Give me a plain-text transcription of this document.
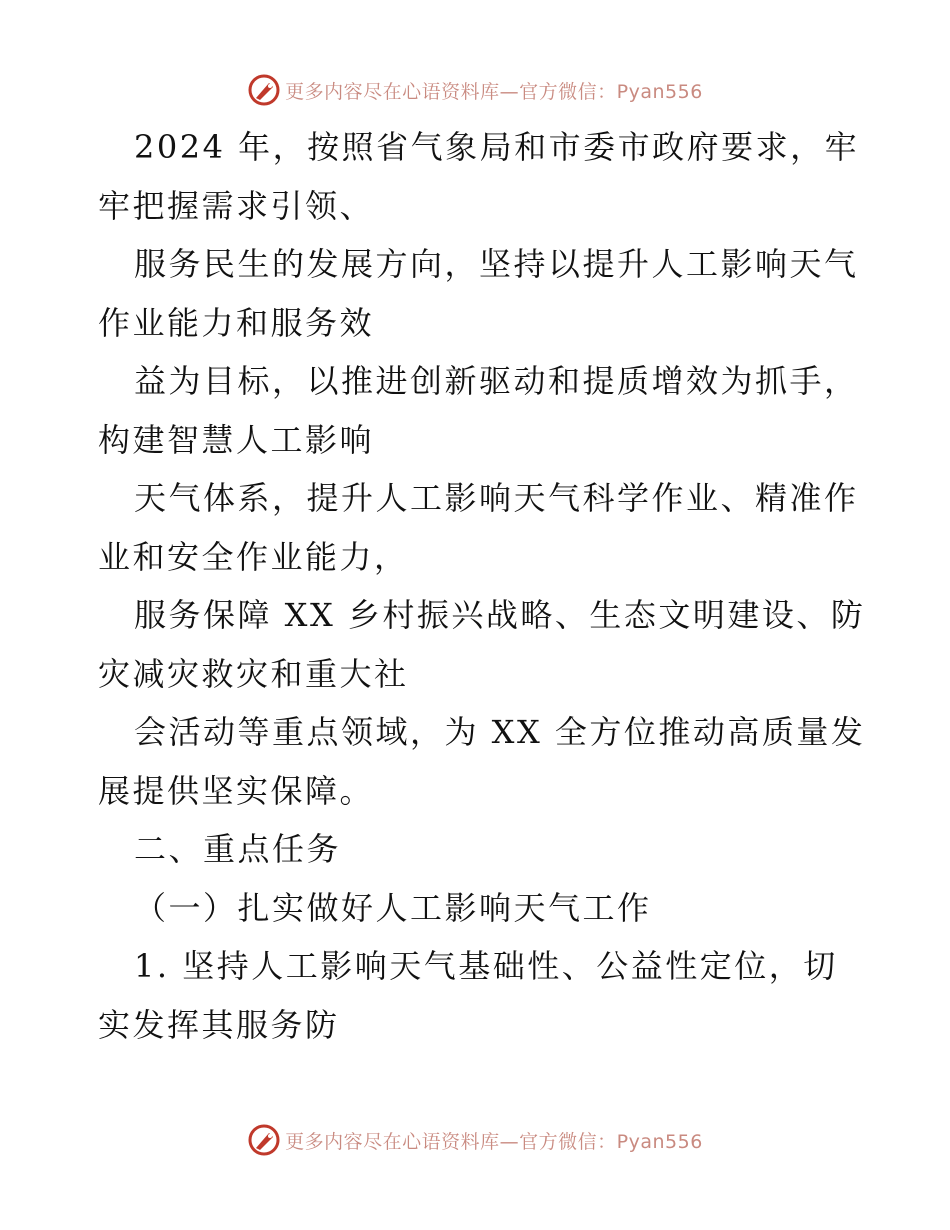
更多内容尽在心语资料库—官方微信：Pyan556
2024 年，按照省气象局和市委市政府要求，牢
牢把握需求引领、
服务民生的发展方向，坚持以提升人工影响天气
作业能力和服务效
益为目标，以推进创新驱动和提质增效为抓手，
构建智慧人工影响
天气体系，提升人工影响天气科学作业、精准作
业和安全作业能力，
服务保障 XX 乡村振兴战略、生态文明建设、防
灾减灾救灾和重大社
会活动等重点领域，为 XX 全方位推动高质量发
展提供坚实保障。
二、重点任务
（一）扎实做好人工影响天气工作
1. 坚持人工影响天气基础性、公益性定位，切
实发挥其服务防
更多内容尽在心语资料库—官方微信：Pyan556
